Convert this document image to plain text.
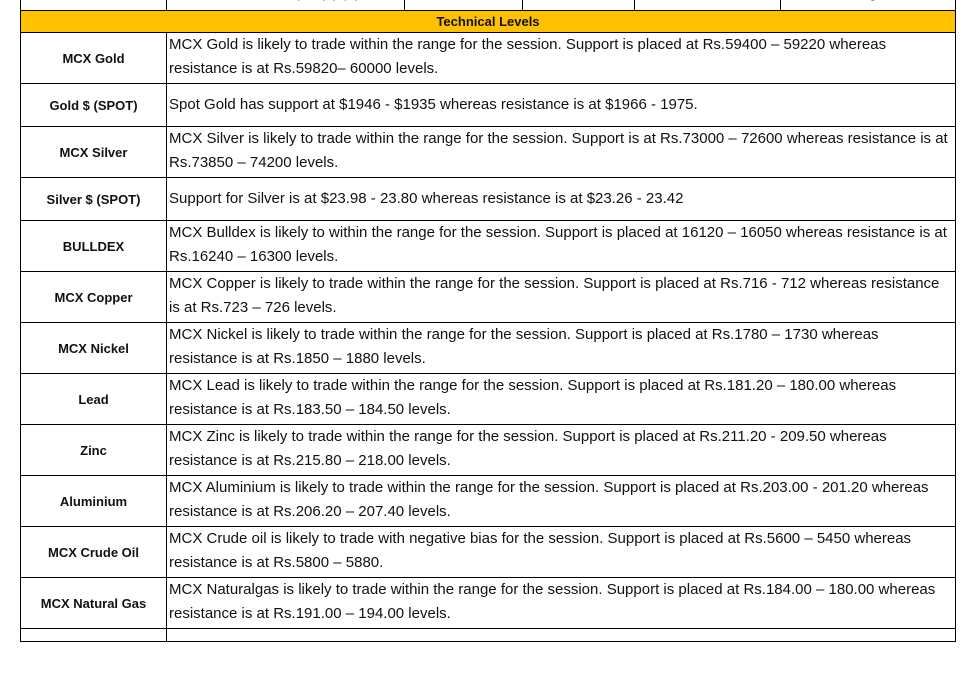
Technical Levels	
MCX Gold	MCX Gold is likely to trade within the range for the session. Support is placed at Rs.59400 – 59220 whereas resistance is at Rs.59820– 60000 levels.
Gold $ (SPOT)	Spot Gold has support at $1946 - $1935 whereas resistance is at $1966 - 1975.
MCX Silver	MCX Silver is likely to trade within the range for the session. Support is at Rs.73000 – 72600 whereas resistance is at Rs.73850 – 74200 levels.
Silver $ (SPOT)	Support for Silver is at $23.98 - 23.80 whereas resistance is at $23.26 - 23.42
BULLDEX	MCX Bulldex is likely to within the range for the session. Support is placed at 16120 – 16050 whereas resistance is at Rs.16240 – 16300 levels.
MCX Copper	MCX Copper is likely to trade within the range for the session. Support is placed at Rs.716 - 712 whereas resistance is at Rs.723 – 726 levels.
MCX Nickel	MCX Nickel is likely to trade within the range for the session. Support is placed at Rs.1780 – 1730 whereas resistance is at Rs.1850 – 1880 levels.
Lead	MCX Lead is likely to trade within the range for the session. Support is placed at Rs.181.20 – 180.00 whereas resistance is at Rs.183.50 – 184.50 levels.
Zinc	MCX Zinc is likely to trade within the range for the session. Support is placed at Rs.211.20 - 209.50 whereas resistance is at Rs.215.80 – 218.00 levels.
Aluminium	MCX Aluminium is likely to trade within the range for the session. Support is placed at Rs.203.00 - 201.20 whereas resistance is at Rs.206.20 – 207.40 levels.
MCX Crude Oil	MCX Crude oil is likely to trade with negative bias for the session. Support is placed at Rs.5600 – 5450 whereas resistance is at Rs.5800 – 5880.
MCX Natural Gas	MCX Naturalgas is likely to trade within the range for the session. Support is placed at Rs.184.00 – 180.00 whereas resistance is at Rs.191.00 – 194.00 levels.
